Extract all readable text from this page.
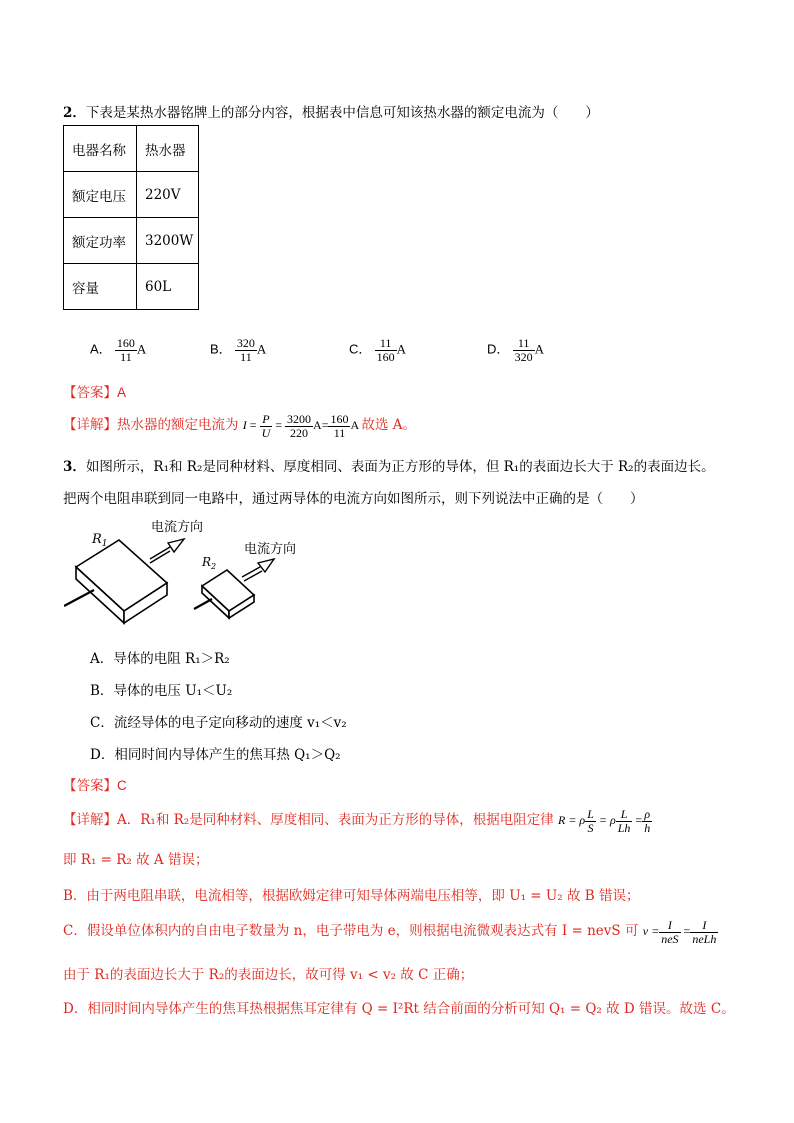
2．下表是某热水器铭牌上的部分内容，根据表中信息可知该热水器的额定电流为（　　）
电器名称	热水器
额定电压	220V
额定功率	3200W
容量	60L
A． $\frac{160}{11}$ A	B． $\frac{320}{11}$ A	C． $\frac{11}{160}$ A	D． $\frac{11}{320}$ A
【答案】A
【详解】热水器的额定电流为 $I = \frac{P}{U} = \frac{3200}{220} A= \frac{160}{11}$ A 故选 A。
3．如图所示，R₁和 R₂是同种材料、厚度相同、表面为正方形的导体，但 R₁的表面边长大于 R₂的表面边长。
把两个电阻串联到同一电路中，通过两导体的电流方向如图所示，则下列说法中正确的是（　　）
$R_1$
电流方向
$R_2$
电流方向
A．导体的电阻 R₁＞R₂
B．导体的电压 U₁＜U₂
C．流经导体的电子定向移动的速度 v₁＜v₂
D．相同时间内导体产生的焦耳热 Q₁＞Q₂
【答案】C
【详解】A．R₁和 R₂是同种材料、厚度相同、表面为正方形的导体，根据电阻定律 R = ρ $\frac{L}{S} = \rho \frac{L}{Lh} = \frac{\rho}{h}$
即 R₁ = R₂ 故 A 错误；
B．由于两电阻串联，电流相等，根据欧姆定律可知导体两端电压相等，即 U₁ = U₂ 故 B 错误；
C．假设单位体积内的自由电子数量为 n，电子带电为 e，则根据电流微观表达式有 I = nevS 可 $v = \frac{I}{\text{neS}} = \frac{I}{\text{neLh}}$
由于 R₁的表面边长大于 R₂的表面边长，故可得 v₁ < v₂ 故 C 正确；
D．相同时间内导体产生的焦耳热根据焦耳定律有 Q = I²Rt 结合前面的分析可知 Q₁ = Q₂ 故 D 错误。故选 C。
